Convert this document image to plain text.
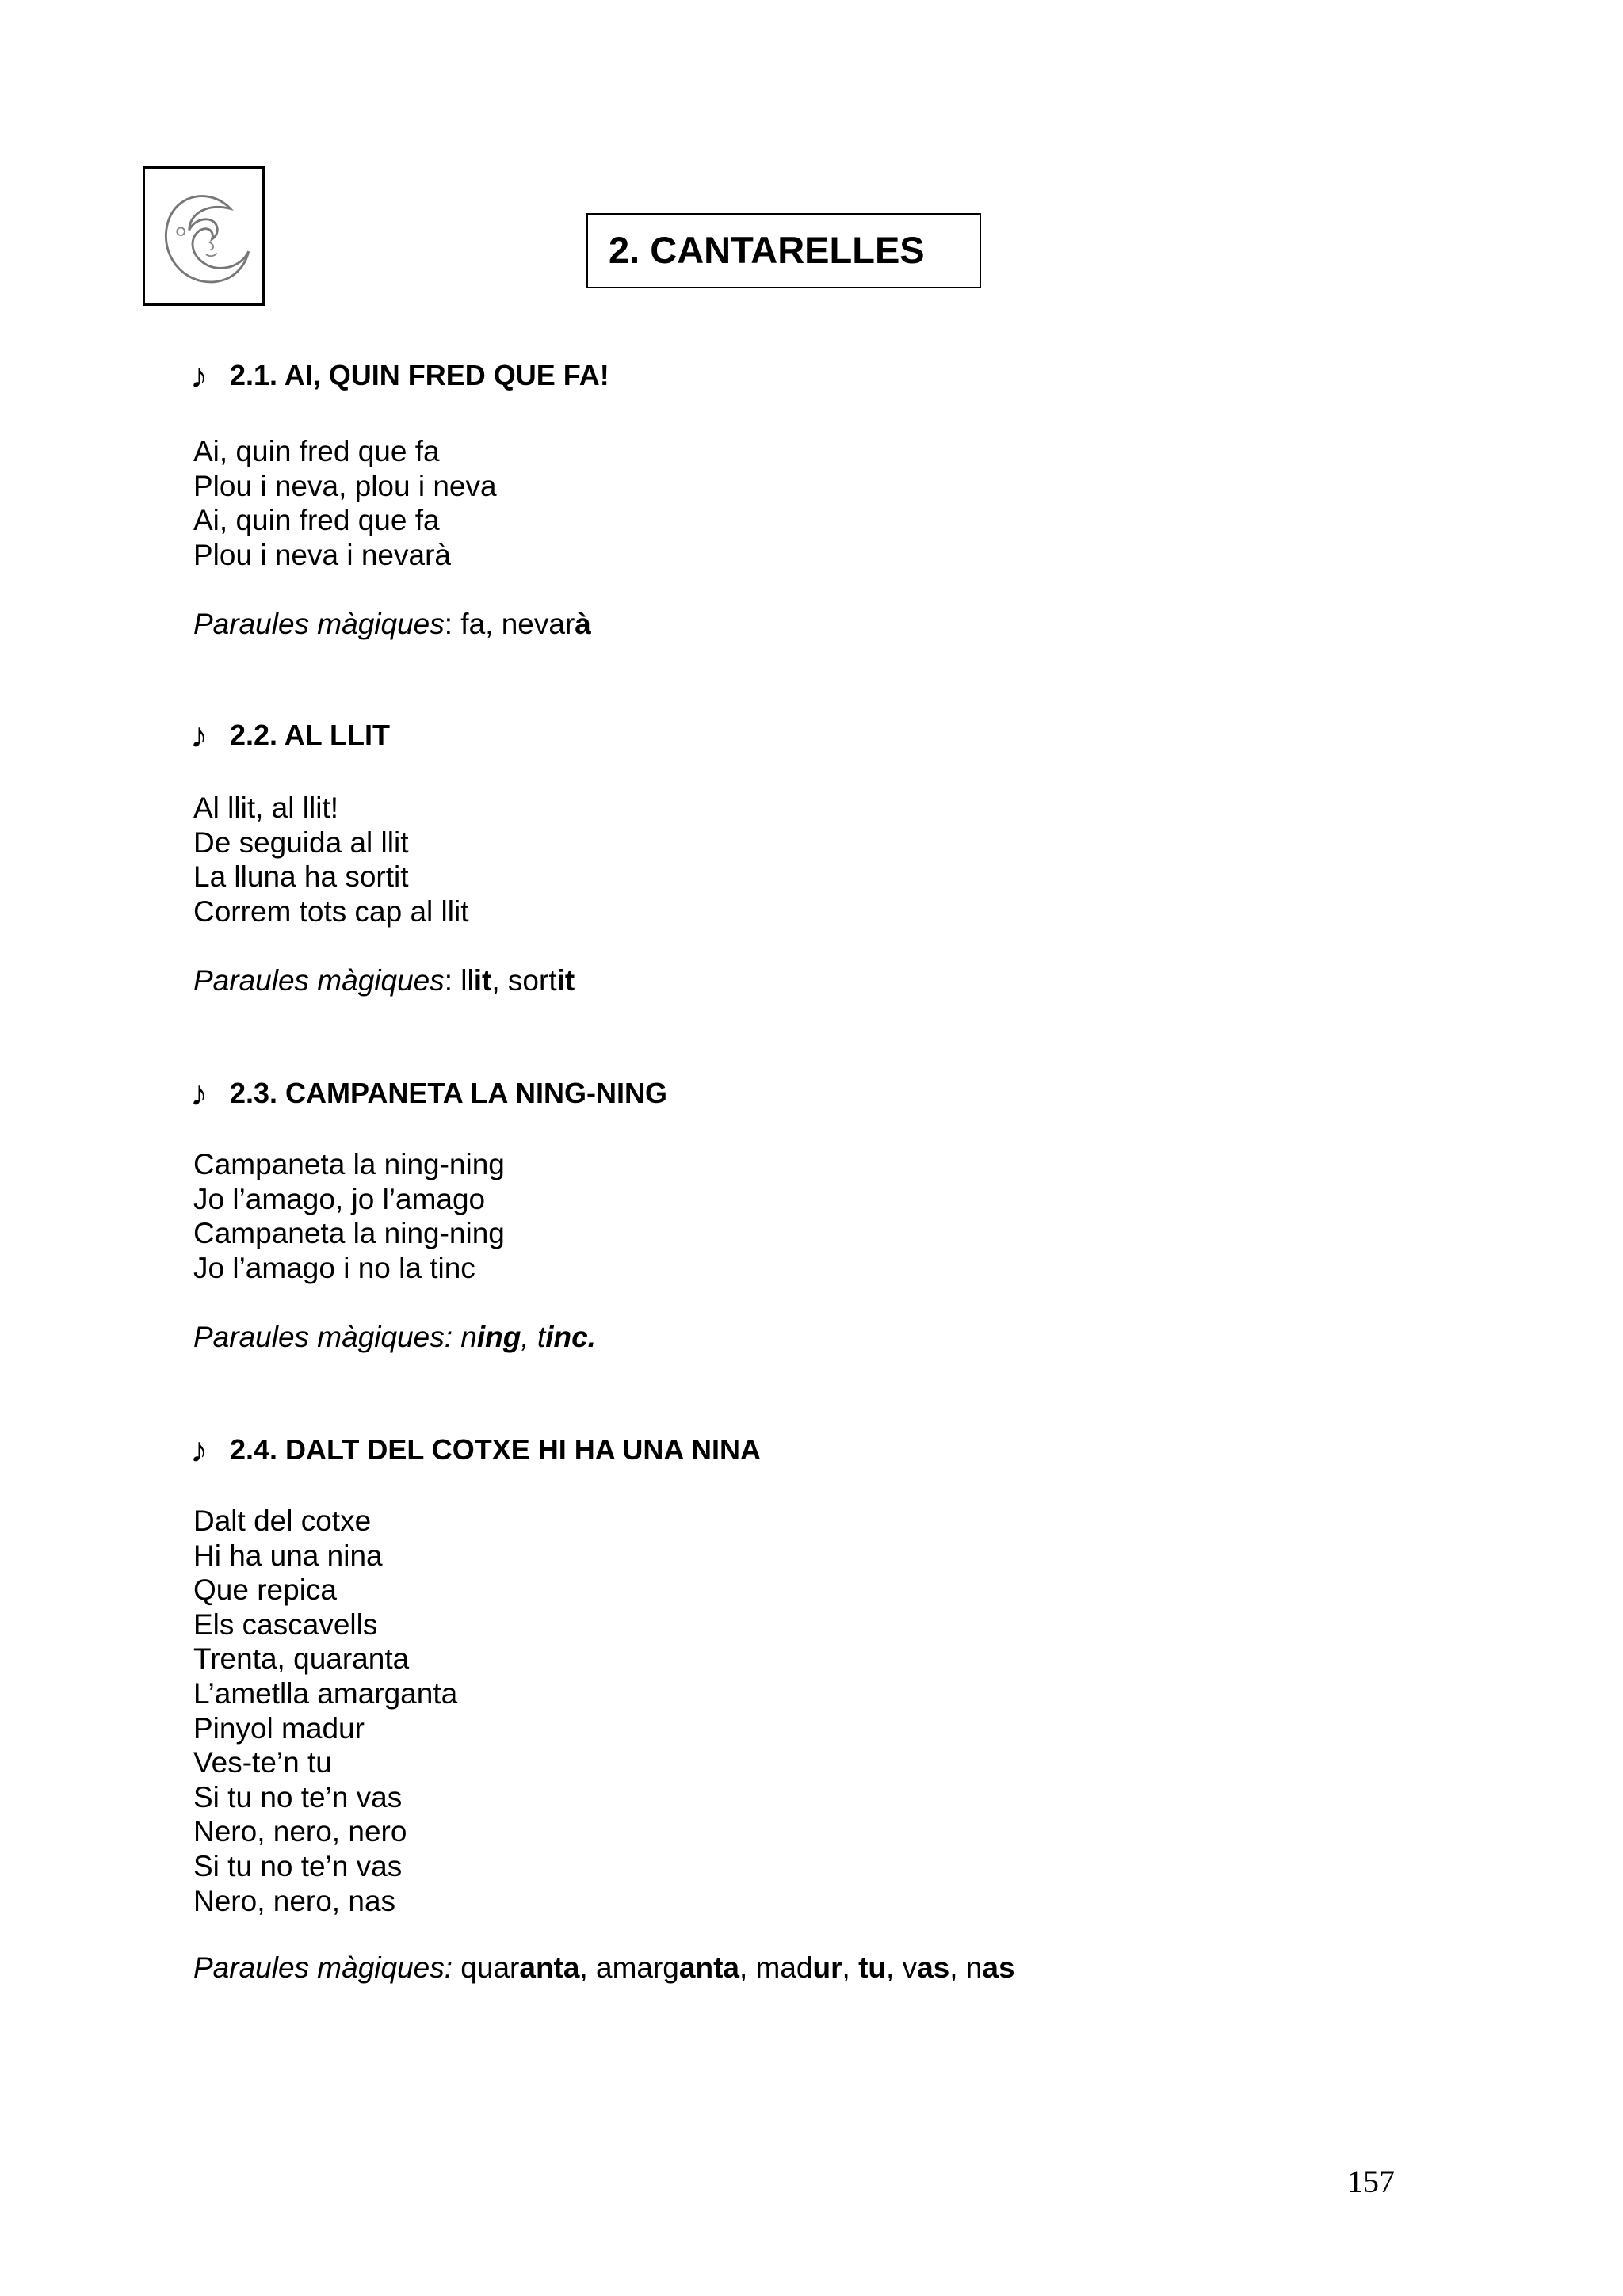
2. CANTARELLES
♪ 2.1. AI, QUIN FRED QUE FA!
Ai, quin fred que fa
Plou i neva, plou i neva
Ai, quin fred que fa
Plou i neva i nevarà
Paraules màgiques: fa, nevarà
♪ 2.2. AL LLIT
Al llit, al llit!
De seguida al llit
La lluna ha sortit
Correm tots cap al llit
Paraules màgiques: llit, sortit
♪ 2.3. CAMPANETA LA NING-NING
Campaneta la ning-ning
Jo l’amago, jo l’amago
Campaneta la ning-ning
Jo l’amago i no la tinc
Paraules màgiques: ning, tinc.
♪ 2.4. DALT DEL COTXE HI HA UNA NINA
Dalt del cotxe
Hi ha una nina
Que repica
Els cascavells
Trenta, quaranta
L’ametlla amarganta
Pinyol madur
Ves-te’n tu
Si tu no te’n vas
Nero, nero, nero
Si tu no te’n vas
Nero, nero, nas
Paraules màgiques: quaranta, amarganta, madur, tu, vas, nas
157
